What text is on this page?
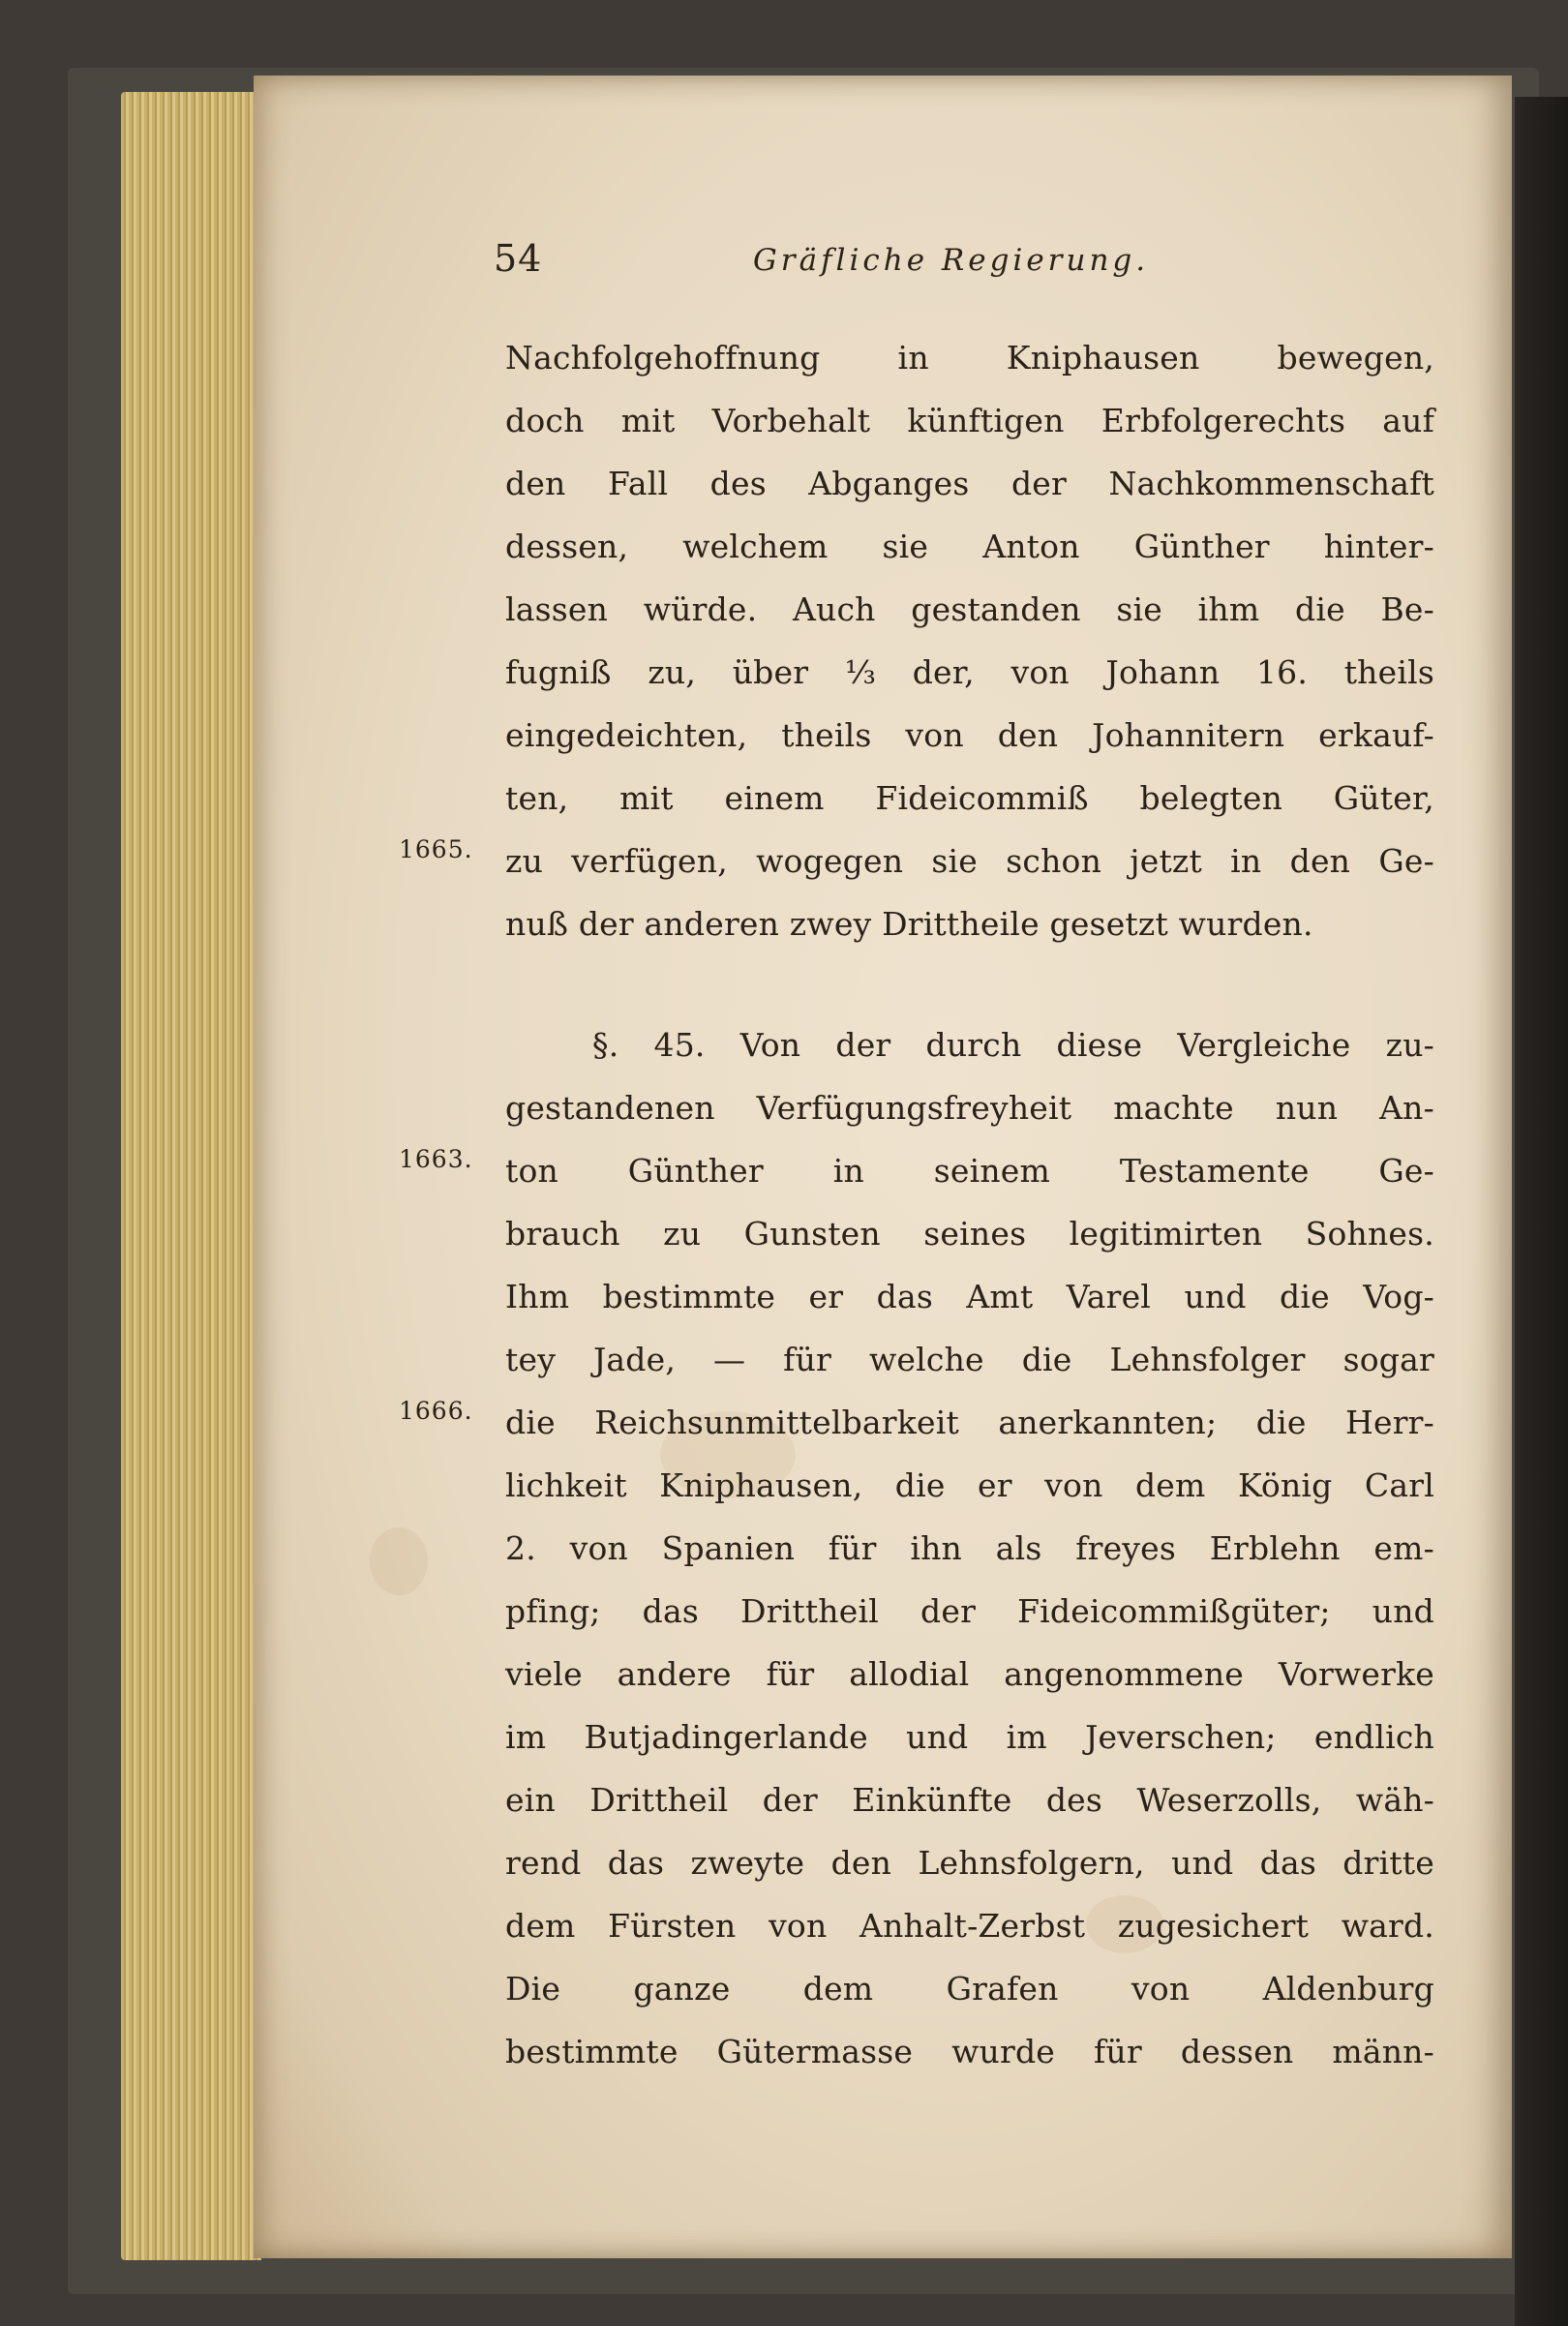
54	Gräfliche Regierung.
1665.
1663.
1666.
Nachfolgehoffnung in Kniphausen bewegen,
doch mit Vorbehalt künftigen Erbfolgerechts auf
den Fall des Abganges der Nachkommenschaft
dessen, welchem sie Anton Günther hinter-
lassen würde. Auch gestanden sie ihm die Be-
fugniß zu, über ⅓ der, von Johann 16. theils
eingedeichten, theils von den Johannitern erkauf-
ten, mit einem Fideicommiß belegten Güter,
zu verfügen, wogegen sie schon jetzt in den Ge-
nuß der anderen zwey Drittheile gesetzt wurden.
§. 45. Von der durch diese Vergleiche zu-
gestandenen Verfügungsfreyheit machte nun An-
ton Günther in seinem Testamente Ge-
brauch zu Gunsten seines legitimirten Sohnes.
Ihm bestimmte er das Amt Varel und die Vog-
tey Jade, — für welche die Lehnsfolger sogar
die Reichsunmittelbarkeit anerkannten; die Herr-
lichkeit Kniphausen, die er von dem König Carl
2. von Spanien für ihn als freyes Erblehn em-
pfing; das Drittheil der Fideicommißgüter; und
viele andere für allodial angenommene Vorwerke
im Butjadingerlande und im Jeverschen; endlich
ein Drittheil der Einkünfte des Weserzolls, wäh-
rend das zweyte den Lehnsfolgern, und das dritte
dem Fürsten von Anhalt-Zerbst zugesichert ward.
Die ganze dem Grafen von Aldenburg
bestimmte Gütermasse wurde für dessen männ-
